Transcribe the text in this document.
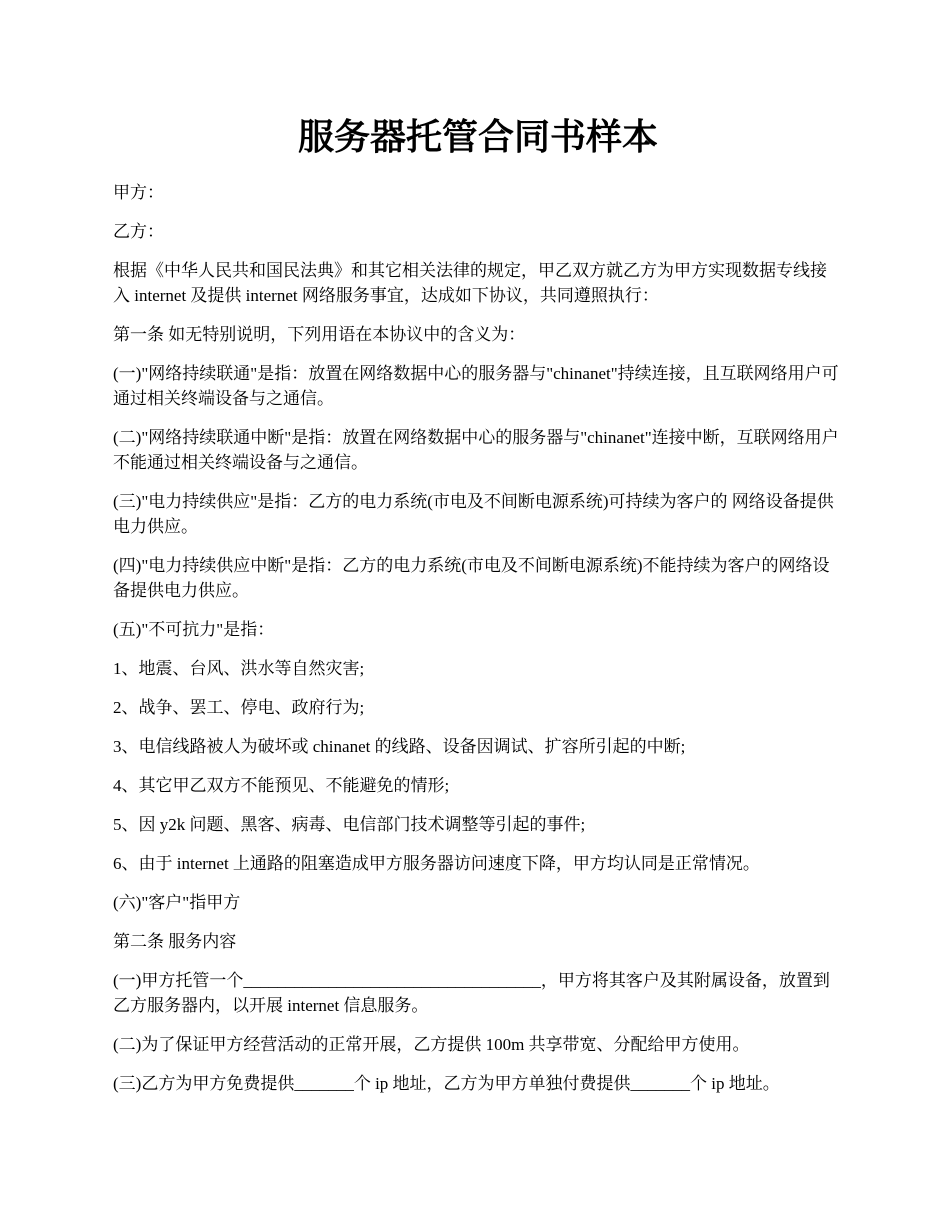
服务器托管合同书样本

甲方：

乙方：

根据《中华人民共和国民法典》和其它相关法律的规定，甲乙双方就乙方为甲方实现数据专线接入 internet 及提供 internet 网络服务事宜，达成如下协议，共同遵照执行：

第一条 如无特别说明，下列用语在本协议中的含义为：

(一)"网络持续联通"是指：放置在网络数据中心的服务器与"chinanet"持续连接，且互联网络用户可通过相关终端设备与之通信。

(二)"网络持续联通中断"是指：放置在网络数据中心的服务器与"chinanet"连接中断，互联网络用户不能通过相关终端设备与之通信。

(三)"电力持续供应"是指：乙方的电力系统(市电及不间断电源系统)可持续为客户的 网络设备提供电力供应。

(四)"电力持续供应中断"是指：乙方的电力系统(市电及不间断电源系统)不能持续为客户的网络设备提供电力供应。

(五)"不可抗力"是指：

1、地震、台风、洪水等自然灾害;

2、战争、罢工、停电、政府行为;

3、电信线路被人为破坏或 chinanet 的线路、设备因调试、扩容所引起的中断;

4、其它甲乙双方不能预见、不能避免的情形;

5、因 y2k 问题、黑客、病毒、电信部门技术调整等引起的事件;

6、由于 internet 上通路的阻塞造成甲方服务器访问速度下降，甲方均认同是正常情况。

(六)"客户"指甲方

第二条 服务内容

(一)甲方托管一个___________________________________，甲方将其客户及其附属设备，放置到乙方服务器内，以开展 internet 信息服务。

(二)为了保证甲方经营活动的正常开展，乙方提供 100m 共享带宽、分配给甲方使用。

(三)乙方为甲方免费提供_______个 ip 地址，乙方为甲方单独付费提供_______个 ip 地址。
